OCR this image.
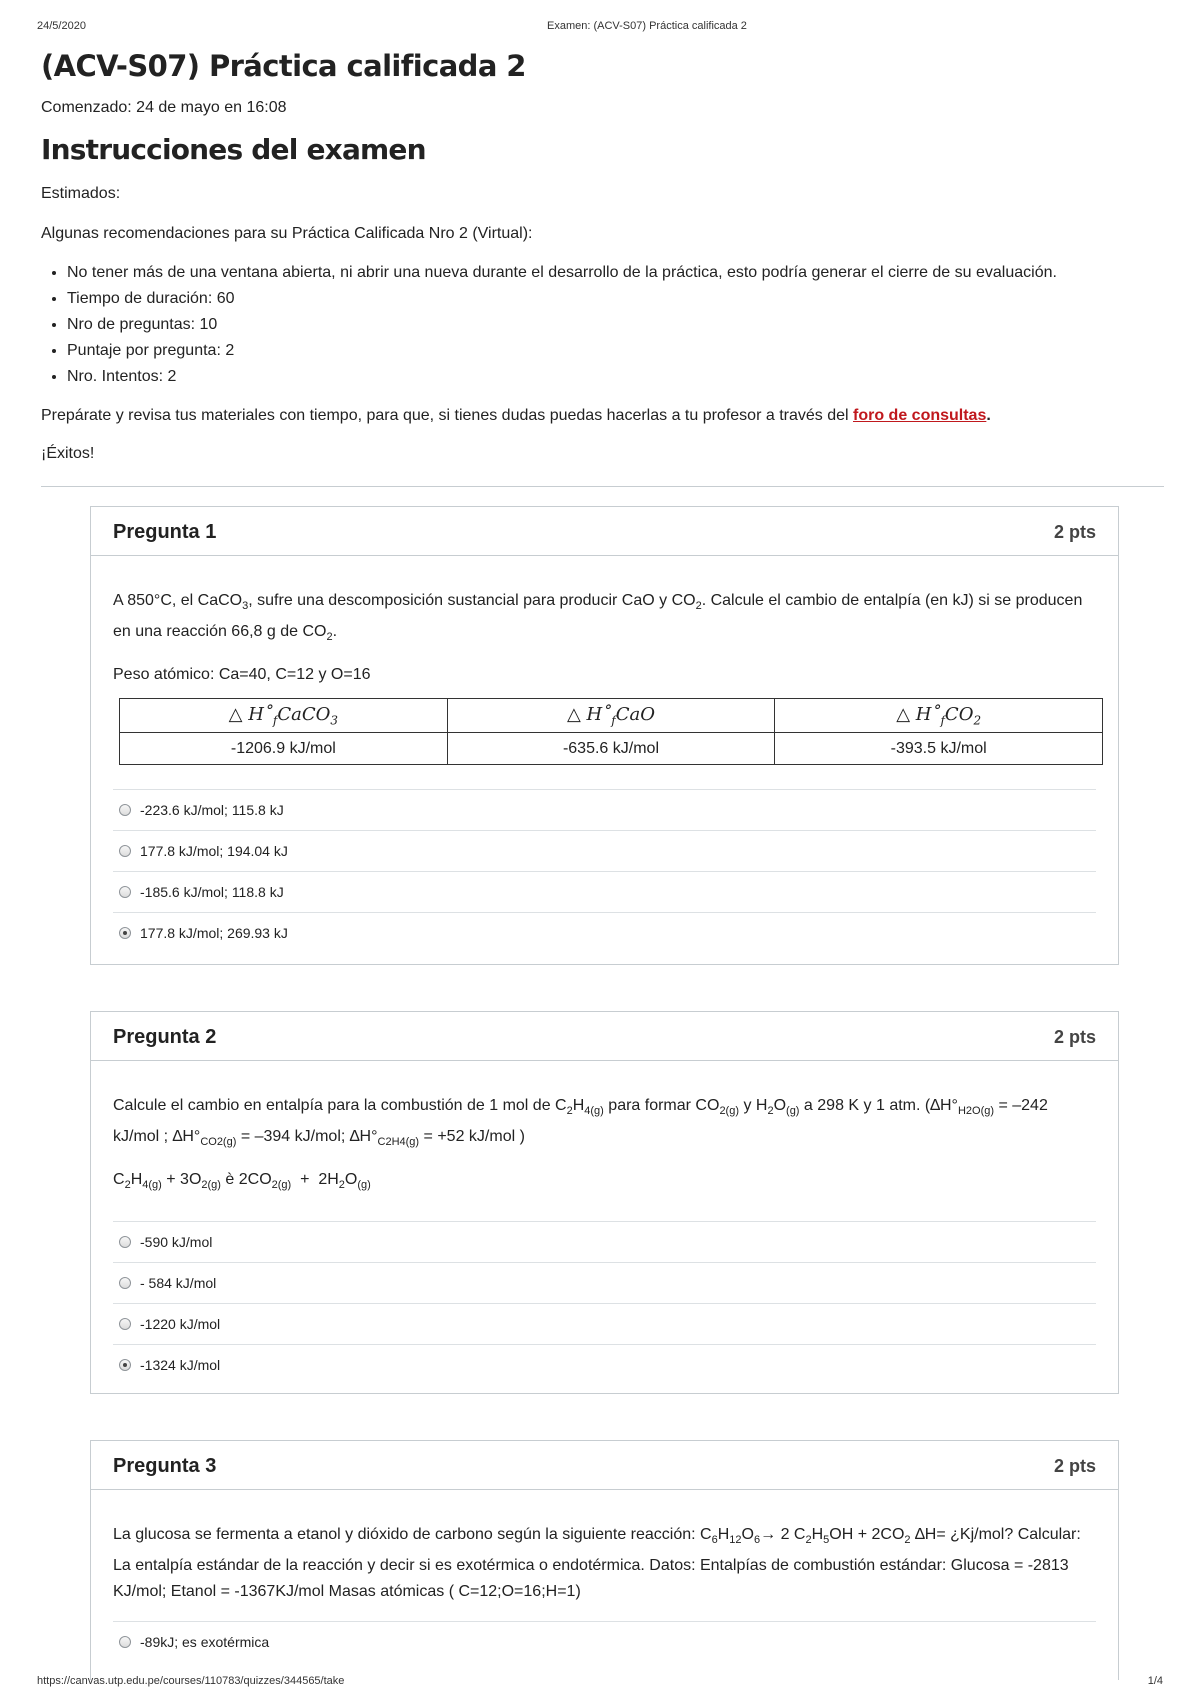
24/5/2020	Examen: (ACV-S07) Práctica calificada 2
(ACV-S07) Práctica calificada 2
Comenzado: 24 de mayo en 16:08
Instrucciones del examen
Estimados:
Algunas recomendaciones para su Práctica Calificada Nro 2 (Virtual):
• No tener más de una ventana abierta, ni abrir una nueva durante el desarrollo de la práctica, esto podría generar el cierre de su evaluación.
• Tiempo de duración: 60
• Nro de preguntas: 10
• Puntaje por pregunta: 2
• Nro. Intentos: 2
Prepárate y revisa tus materiales con tiempo, para que, si tienes dudas puedas hacerlas a tu profesor a través del foro de consultas.
¡Éxitos!
Pregunta 1	2 pts
A 850°C, el CaCO$_3$, sufre una descomposición sustancial para producir CaO y $CO_2$. Calcule el cambio de entalpía (en kJ) si se producen en una reacción 66,8 g de $CO_2$.
Peso atómico: Ca=40, C=12 y O=16
△ $H˚_fCaCO_3$	△ $H˚_fCaO$	△ $H˚_fCO_2$
-1206.9 kJ/mol	-635.6 kJ/mol	-393.5 kJ/mol
-223.6 kJ/mol; 115.8 kJ
177.8 kJ/mol; 194.04 kJ
-185.6 kJ/mol; 118.8 kJ
177.8 kJ/mol; 269.93 kJ
Pregunta 2	2 pts
Calcule el cambio en entalpía para la combustión de 1 mol de $C_2H_{4(g)}$ para formar $CO_{2(g)}$ y $H_2O_{(g)}$ a 298 K y 1 atm. ($\Delta H^\circ_{H2O(g)} = -242$ kJ/mol ; $\Delta H^\circ_{CO2(g)} = -394$ kJ/mol; $\Delta H^\circ_{C2H4(g)} = +52$ kJ/mol )
$C_2H_{4(g)} + 3O_{2(g)}$ è $2CO_{2(g)} + 2H_2O_{(g)}$
-590 kJ/mol
- 584 kJ/mol
-1220 kJ/mol
-1324 kJ/mol
Pregunta 3	2 pts
La glucosa se fermenta a etanol y dióxido de carbono según la siguiente reacción: $C_6H_{12}O_6\to 2$ $C_2H_5OH + 2CO_2$ ∆H= ¿Kj/mol? Calcular: La entalpía estándar de la reacción y decir si es exotérmica o endotérmica. Datos: Entalpías de combustión estándar: Glucosa = -2813 KJ/mol; Etanol = -1367KJ/mol Masas atómicas ( C=12;O=16;H=1)
-89kJ; es exotérmica
https://canvas.utp.edu.pe/courses/110783/quizzes/344565/take	1/4
